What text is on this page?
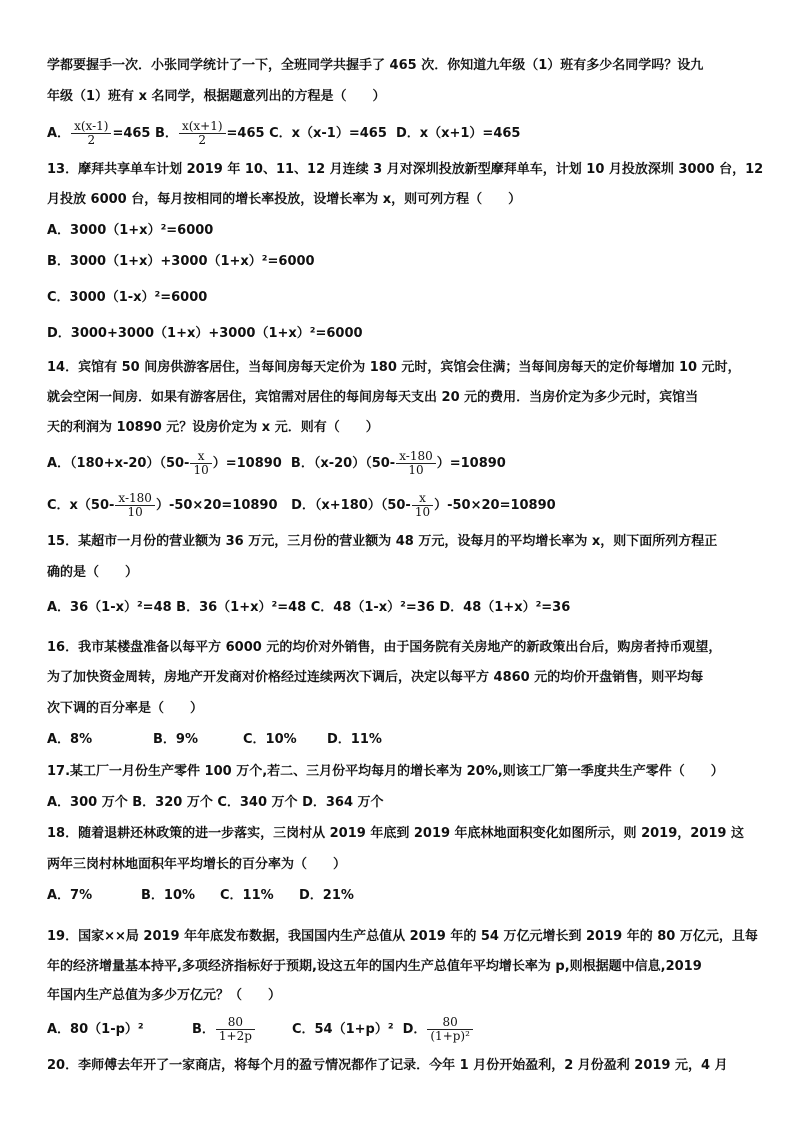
学都要握手一次．小张同学统计了一下，全班同学共握手了 465 次．你知道九年级（1）班有多少名同学吗？设九
年级（1）班有 x 名同学，根据题意列出的方程是（　　）
A． $\frac{x(x-1)}{2} =465$ B． $\frac{x(x+1)}{2} =465$ C．x（x-1）=465 D．x（x+1）=465
13．摩拜共享单车计划 2019 年 10、11、12 月连续 3 月对深圳投放新型摩拜单车，计划 10 月投放深圳 3000 台，12
月投放 6000 台，每月按相同的增长率投放，设增长率为 x，则可列方程（　　）
A．3000（1+x）²=6000
B．3000（1+x）+3000（1+x）²=6000
C．3000（1-x）²=6000
D．3000+3000（1+x）+3000（1+x）²=6000
14．宾馆有 50 间房供游客居住，当每间房每天定价为 180 元时，宾馆会住满；当每间房每天的定价每增加 10 元时，
就会空闲一间房．如果有游客居住，宾馆需对居住的每间房每天支出 20 元的费用．当房价定为多少元时，宾馆当
天的利润为 10890 元？设房价定为 x 元．则有（　　）
A．$(180+x-20)(50- \frac{x}{10} )=10890$ B．$(x-20)(50- \frac{x-180}{10} )=10890$
C．$x(50- \frac{x-180}{10} )-50\times 20=10890$ D．$(x+180)(50- \frac{x}{10} )-50\times 20=10890$
15．某超市一月份的营业额为 36 万元，三月份的营业额为 48 万元，设每月的平均增长率为 x，则下面所列方程正
确的是（　　）
A．36（1-x）²=48 B．36（1+x）²=48 C．48（1-x）²=36 D．48（1+x）²=36
16．我市某楼盘准备以每平方 6000 元的均价对外销售，由于国务院有关房地产的新政策出台后，购房者持币观望，
为了加快资金周转，房地产开发商对价格经过连续两次下调后，决定以每平方 4860 元的均价开盘销售，则平均每
次下调的百分率是（　　）
A．8%	B．9%	C．10% D．11%
17.某工厂一月份生产零件 100 万个,若二、三月份平均每月的增长率为 20%,则该工厂第一季度共生产零件（　　）
A．300 万个 B．320 万个 C．340 万个 D．364 万个
18．随着退耕还林政策的进一步落实，三岗村从 2019 年底到 2019 年底林地面积变化如图所示，则 2019，2019 这
两年三岗村林地面积年平均增长的百分率为（　　）
A．7%	B．10% C．11% D．21%
19．国家××局 2019 年年底发布数据，我国国内生产总值从 2019 年的 54 万亿元增长到 2019 年的 80 万亿元，且每
年的经济增量基本持平,多项经济指标好于预期,设这五年的国内生产总值年平均增长率为 p,则根据题中信息,2019
年国内生产总值为多少万亿元？（　　）
A．80（1-p）²	B． $\frac{80}{1+2p}$	C．54（1+p）² D． $\frac{80}{\text{(1+p)²}}$
20．李师傅去年开了一家商店，将每个月的盈亏情况都作了记录．今年 1 月份开始盈利，2 月份盈利 2019 元，4 月
